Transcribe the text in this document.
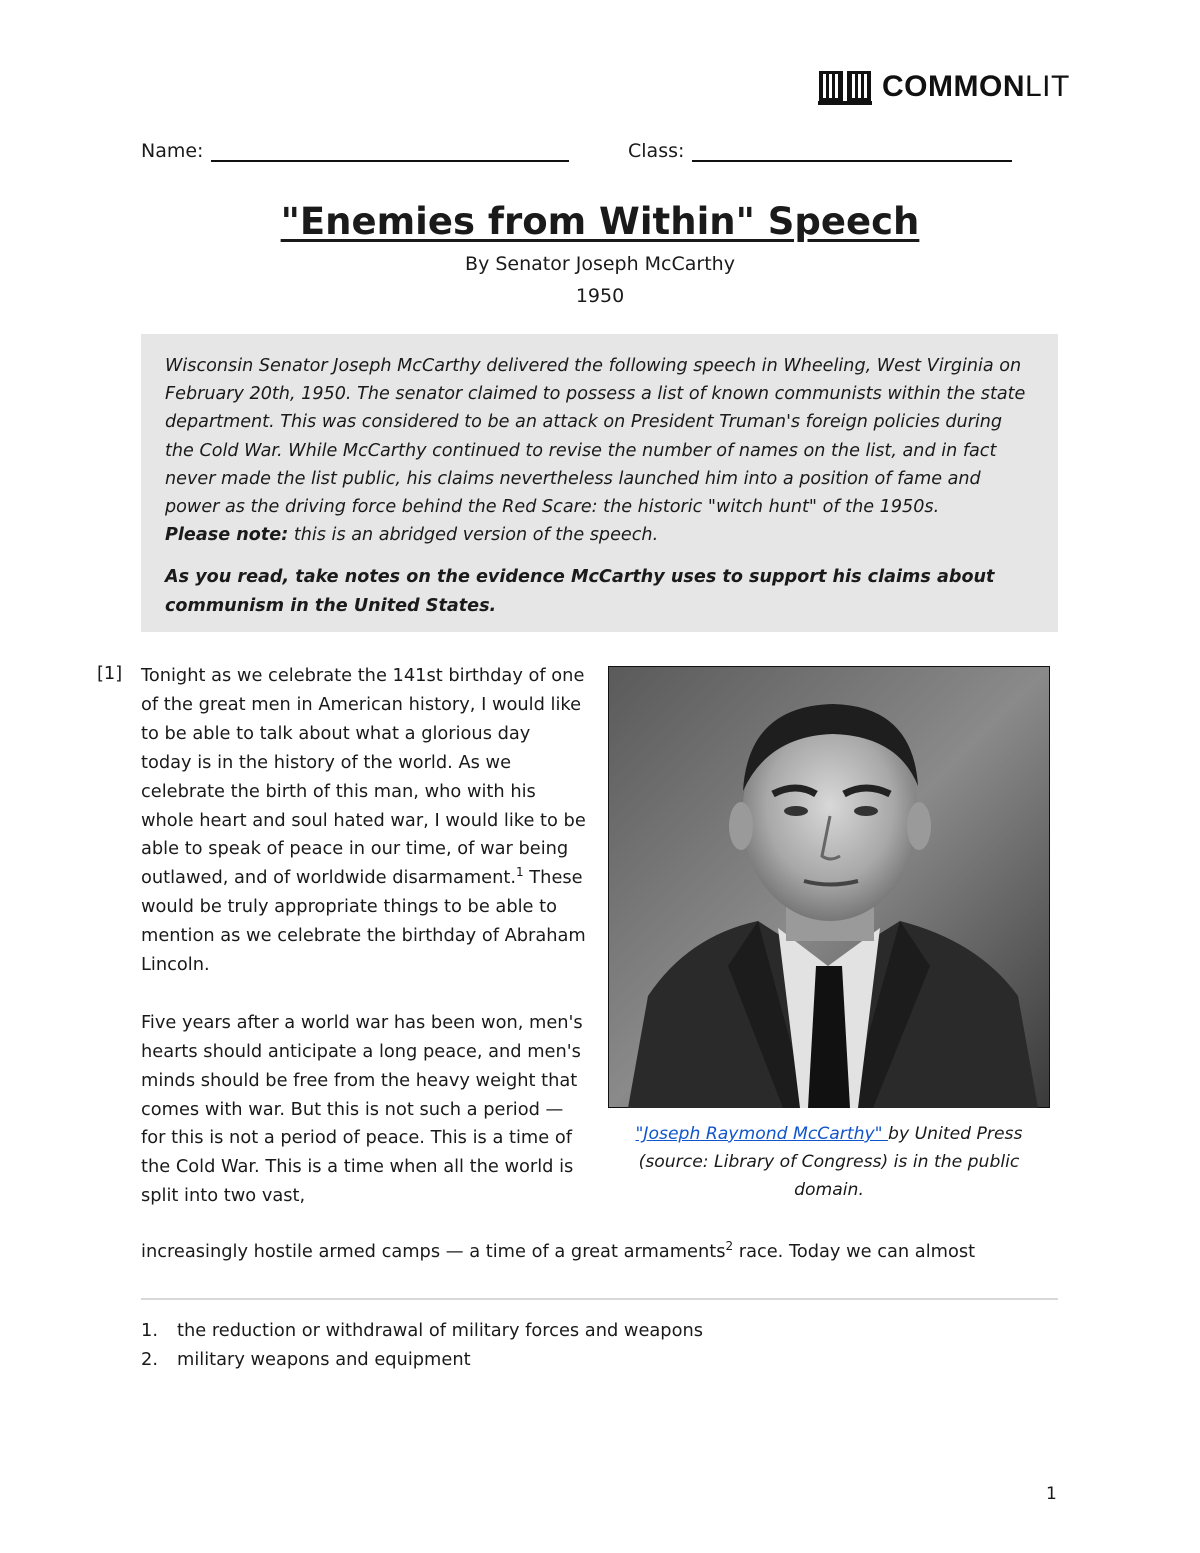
COMMONLIT
Name:	Class:
"Enemies from Within" Speech
By Senator Joseph McCarthy
1950

Wisconsin Senator Joseph McCarthy delivered the following speech in Wheeling, West Virginia on February 20th, 1950. The senator claimed to possess a list of known communists within the state department. This was considered to be an attack on President Truman's foreign policies during the Cold War. While McCarthy continued to revise the number of names on the list, and in fact never made the list public, his claims nevertheless launched him into a position of fame and power as the driving force behind the Red Scare: the historic "witch hunt" of the 1950s.
Please note: this is an abridged version of the speech.

As you read, take notes on the evidence McCarthy uses to support his claims about communism in the United States.

[1] Tonight as we celebrate the 141st birthday of one of the great men in American history, I would like to be able to talk about what a glorious day today is in the history of the world. As we celebrate the birth of this man, who with his whole heart and soul hated war, I would like to be able to speak of peace in our time, of war being outlawed, and of worldwide disarmament.$^1$ These would be truly appropriate things to be able to mention as we celebrate the birthday of Abraham Lincoln.

Five years after a world war has been won, men's hearts should anticipate a long peace, and men's minds should be free from the heavy weight that comes with war. But this is not such a period — for this is not a period of peace. This is a time of the Cold War. This is a time when all the world is split into two vast,

increasingly hostile armed camps — a time of a great armaments$^2$ race. Today we can almost
"Joseph Raymond McCarthy" by United Press (source: Library of Congress) is in the public domain.
1.	the reduction or withdrawal of military forces and weapons
2.	military weapons and equipment
1
